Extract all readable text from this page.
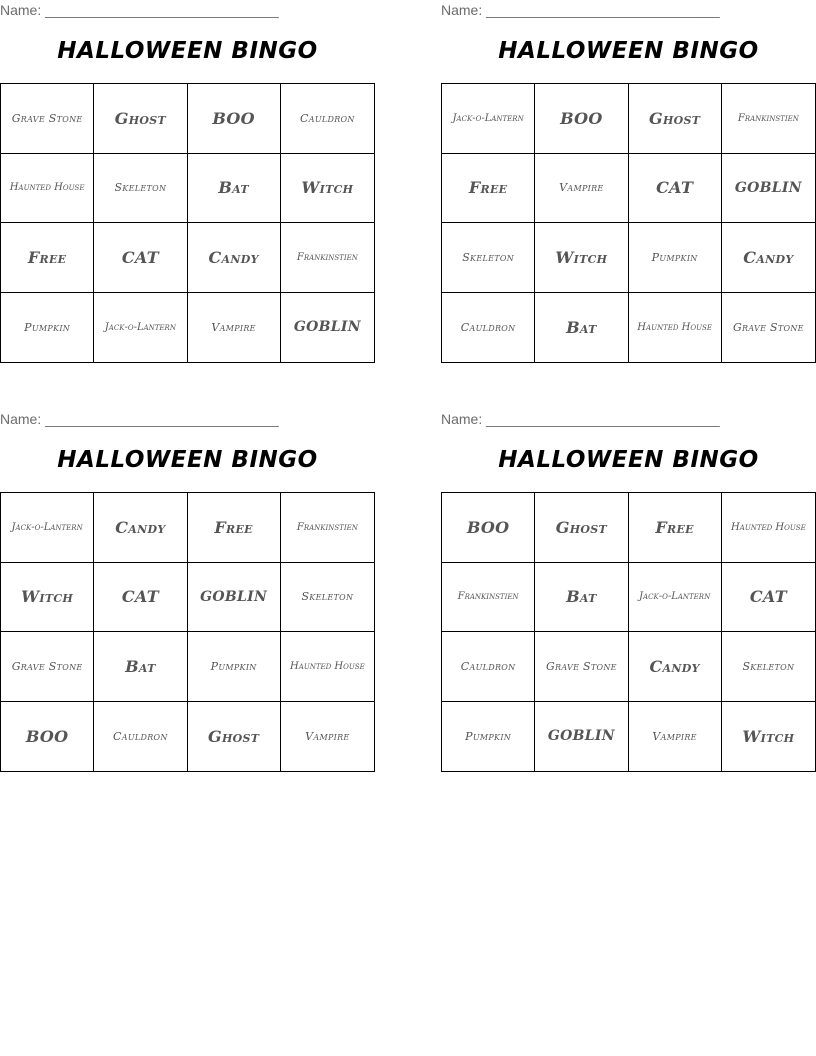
Name: ______________________________
HALLOWEEN BINGO
Grave Stone	Ghost	BOO	Cauldron
Haunted House	Skeleton	Bat	Witch
Free	CAT	Candy	Frankinstien
Pumpkin	Jack-o-Lantern	Vampire	GOBLIN
Name: ______________________________
HALLOWEEN BINGO
Jack-o-Lantern	BOO	Ghost	Frankinstien
Free	Vampire	CAT	GOBLIN
Skeleton	Witch	Pumpkin	Candy
Cauldron	Bat	Haunted House	Grave Stone
Name: ______________________________
HALLOWEEN BINGO
Jack-o-Lantern	Candy	Free	Frankinstien
Witch	CAT	GOBLIN	Skeleton
Grave Stone	Bat	Pumpkin	Haunted House
BOO	Cauldron	Ghost	Vampire
Name: ______________________________
HALLOWEEN BINGO
BOO	Ghost	Free	Haunted House
Frankinstien	Bat	Jack-o-Lantern	CAT
Cauldron	Grave Stone	Candy	Skeleton
Pumpkin	GOBLIN	Vampire	Witch
